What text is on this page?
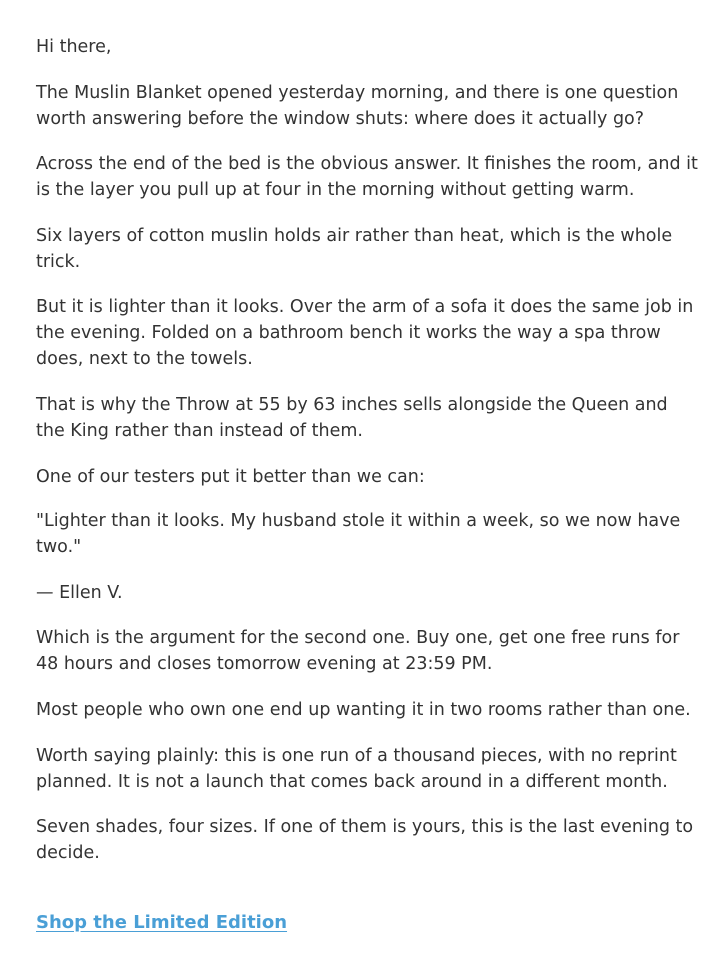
Hi there,

The Muslin Blanket opened yesterday morning, and there is one question
worth answering before the window shuts: where does it actually go?

Across the end of the bed is the obvious answer. It finishes the room, and it
is the layer you pull up at four in the morning without getting warm.

Six layers of cotton muslin holds air rather than heat, which is the whole
trick.

But it is lighter than it looks. Over the arm of a sofa it does the same job in
the evening. Folded on a bathroom bench it works the way a spa throw
does, next to the towels.

That is why the Throw at 55 by 63 inches sells alongside the Queen and
the King rather than instead of them.

One of our testers put it better than we can:

"Lighter than it looks. My husband stole it within a week, so we now have
two."

— Ellen V.

Which is the argument for the second one. Buy one, get one free runs for
48 hours and closes tomorrow evening at 23:59 PM.

Most people who own one end up wanting it in two rooms rather than one.

Worth saying plainly: this is one run of a thousand pieces, with no reprint
planned. It is not a launch that comes back around in a different month.

Seven shades, four sizes. If one of them is yours, this is the last evening to
decide.

Shop the Limited Edition
